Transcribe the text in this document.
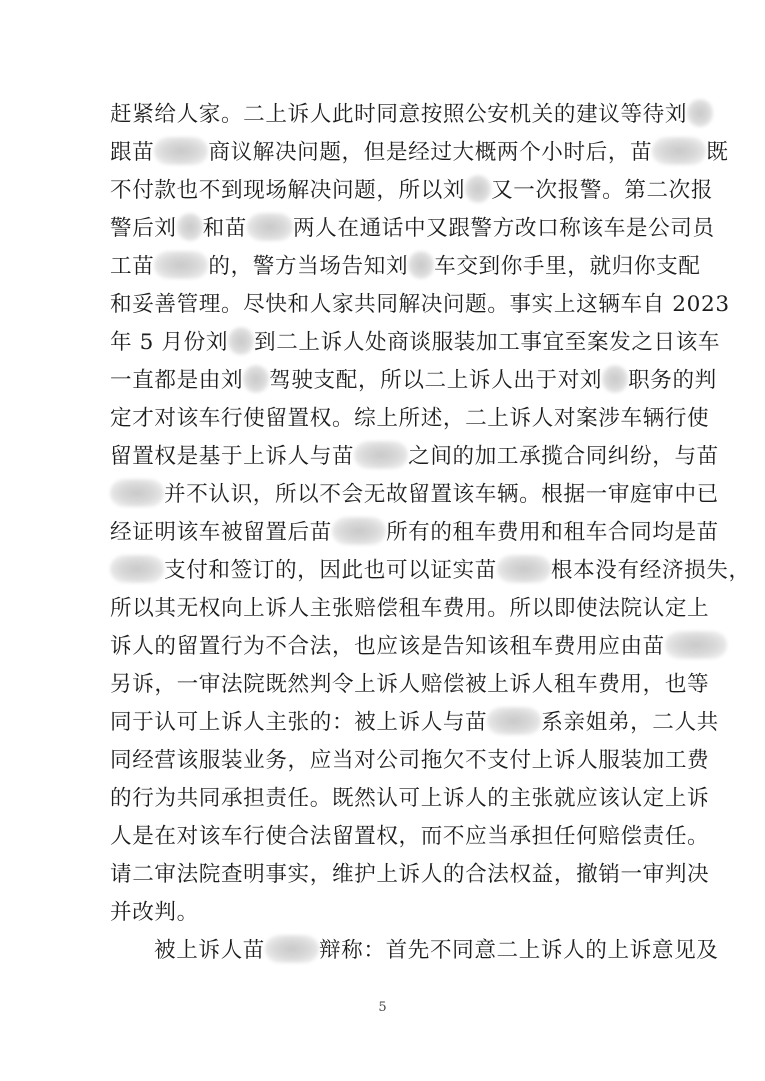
赶紧给人家。二上诉人此时同意按照公安机关的建议等待刘
跟苗	商议解决问题，但是经过大概两个小时后，苗	既
不付款也不到现场解决问题，所以刘 又一次报警。第二次报
警后刘 和苗 两人在通话中又跟警方改口称该车是公司员
工苗	的，警方当场告知刘 车交到你手里，就归你支配
和妥善管理。尽快和人家共同解决问题。事实上这辆车自 2023
年 5 月份刘 到二上诉人处商谈服装加工事宜至案发之日该车
一直都是由刘 驾驶支配，所以二上诉人出于对刘 职务的判
定才对该车行使留置权。综上所述，二上诉人对案涉车辆行使
留置权是基于上诉人与苗	之间的加工承揽合同纠纷，与苗
并不认识，所以不会无故留置该车辆。根据一审庭审中已
经证明该车被留置后苗	所有的租车费用和租车合同均是苗
支付和签订的，因此也可以证实苗	根本没有经济损失，
所以其无权向上诉人主张赔偿租车费用。所以即使法院认定上
诉人的留置行为不合法，也应该是告知该租车费用应由苗
另诉，一审法院既然判令上诉人赔偿被上诉人租车费用，也等
同于认可上诉人主张的：被上诉人与苗	系亲姐弟，二人共
同经营该服装业务，应当对公司拖欠不支付上诉人服装加工费
的行为共同承担责任。既然认可上诉人的主张就应该认定上诉
人是在对该车行使合法留置权，而不应当承担任何赔偿责任。
请二审法院查明事实，维护上诉人的合法权益，撤销一审判决
并改判。
被上诉人苗	辩称：首先不同意二上诉人的上诉意见及
5
